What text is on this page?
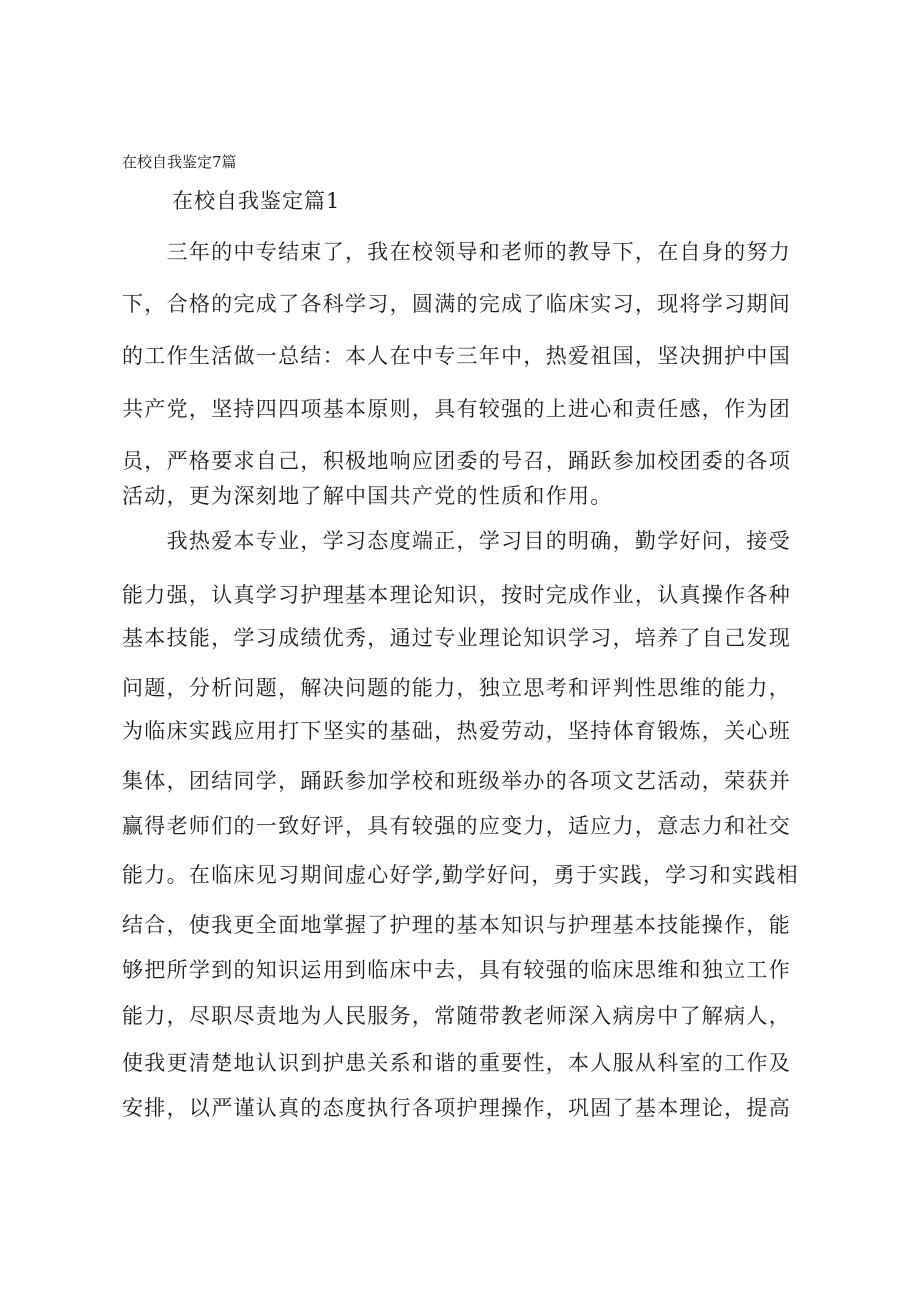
在校自我鉴定7篇
在校自我鉴定篇1
　　三年的中专结束了，我在校领导和老师的教导下，在自身的努力
下，合格的完成了各科学习，圆满的完成了临床实习，现将学习期间
的工作生活做一总结：本人在中专三年中，热爱祖国，坚决拥护中国
共产党，坚持四四项基本原则，具有较强的上进心和责任感，作为团
员，严格要求自己，积极地响应团委的号召，踊跃参加校团委的各项
活动，更为深刻地了解中国共产党的性质和作用。
　　我热爱本专业，学习态度端正，学习目的明确，勤学好问，接受
能力强，认真学习护理基本理论知识，按时完成作业，认真操作各种
基本技能，学习成绩优秀，通过专业理论知识学习，培养了自己发现
问题，分析问题，解决问题的能力，独立思考和评判性思维的能力，
为临床实践应用打下坚实的基础，热爱劳动，坚持体育锻炼，关心班
集体，团结同学，踊跃参加学校和班级举办的各项文艺活动，荣获并
赢得老师们的一致好评，具有较强的应变力，适应力，意志力和社交
能力。在临床见习期间虚心好学,勤学好问，勇于实践，学习和实践相
结合，使我更全面地掌握了护理的基本知识与护理基本技能操作，能
够把所学到的知识运用到临床中去，具有较强的临床思维和独立工作
能力，尽职尽责地为人民服务，常随带教老师深入病房中了解病人，
使我更清楚地认识到护患关系和谐的重要性，本人服从科室的工作及
安排，以严谨认真的态度执行各项护理操作，巩固了基本理论，提高
